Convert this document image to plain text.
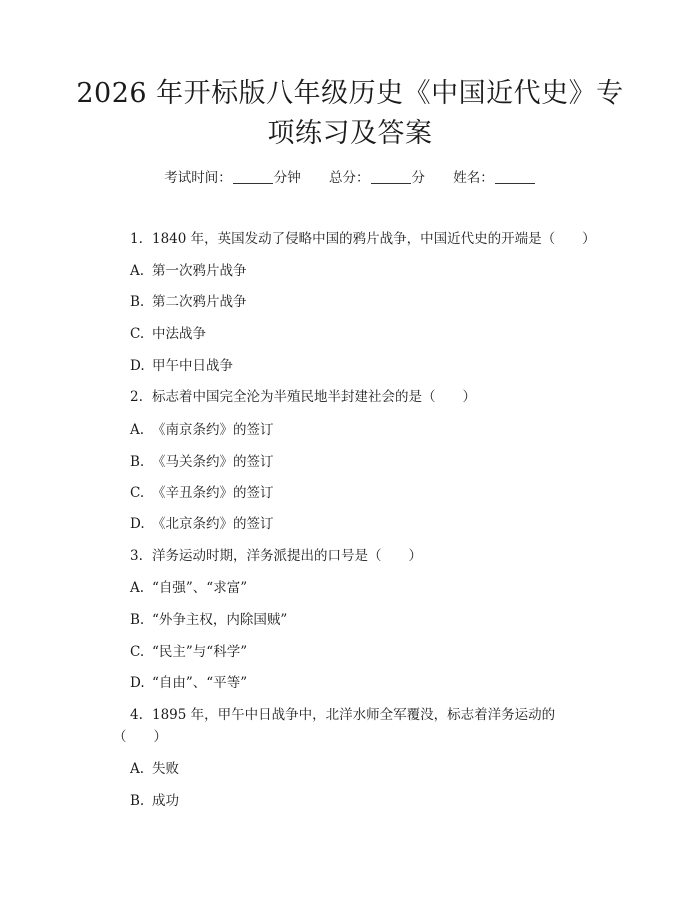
2026 年开标版八年级历史《中国近代史》专
项练习及答案
考试时间：	分钟 总分：	分 姓名：
1. 1840 年，英国发动了侵略中国的鸦片战争，中国近代史的开端是（　　）
A. 第一次鸦片战争
B. 第二次鸦片战争
C. 中法战争
D. 甲午中日战争
2. 标志着中国完全沦为半殖民地半封建社会的是（　　）
A. 《南京条约》的签订
B. 《马关条约》的签订
C. 《辛丑条约》的签订
D. 《北京条约》的签订
3. 洋务运动时期，洋务派提出的口号是（　　）
A. “自强”、“求富”
B. “外争主权，内除国贼”
C. “民主”与“科学”
D. “自由”、“平等”
4. 1895 年，甲午中日战争中，北洋水师全军覆没，标志着洋务运动的
（　　）
A. 失败
B. 成功
